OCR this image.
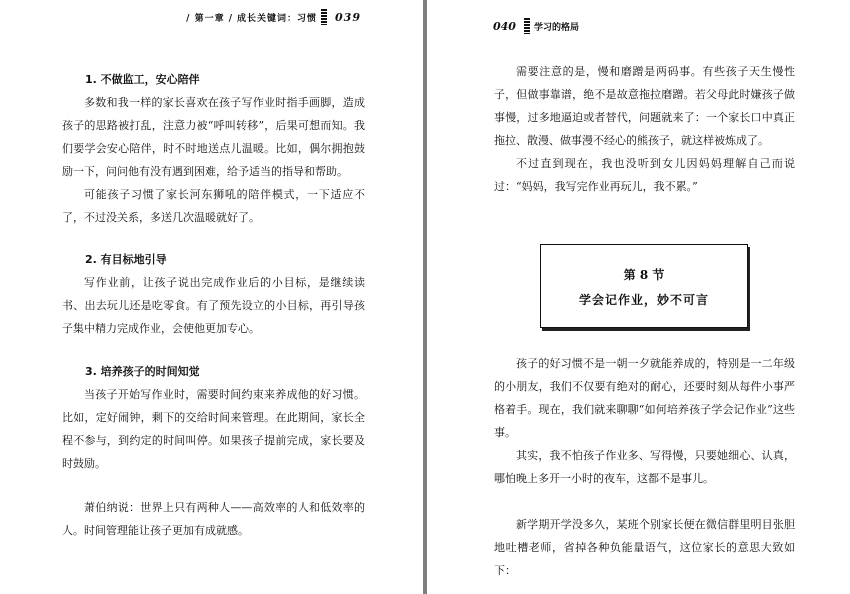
/ 第一章 / 成长关键词：习惯 039
1. 不做监工，安心陪伴
多数和我一样的家长喜欢在孩子写作业时指手画脚，造成孩子的思路被打乱，注意力被“呼叫转移”，后果可想而知。我们要学会安心陪伴，时不时地送点儿温暖。比如，偶尔拥抱鼓励一下，问问他有没有遇到困难，给予适当的指导和帮助。
可能孩子习惯了家长河东狮吼的陪伴模式，一下适应不了，不过没关系，多送几次温暖就好了。
2. 有目标地引导
写作业前，让孩子说出完成作业后的小目标，是继续读书、出去玩儿还是吃零食。有了预先设立的小目标，再引导孩子集中精力完成作业，会使他更加专心。
3. 培养孩子的时间知觉
当孩子开始写作业时，需要时间约束来养成他的好习惯。比如，定好闹钟，剩下的交给时间来管理。在此期间，家长全程不参与，到约定的时间叫停。如果孩子提前完成，家长要及时鼓励。
萧伯纳说：世界上只有两种人——高效率的人和低效率的人。时间管理能让孩子更加有成就感。
040 学习的格局
需要注意的是，慢和磨蹭是两码事。有些孩子天生慢性子，但做事靠谱，绝不是故意拖拉磨蹭。若父母此时嫌孩子做事慢，过多地逼迫或者替代，问题就来了：一个家长口中真正拖拉、散漫、做事漫不经心的熊孩子，就这样被炼成了。
不过直到现在，我也没听到女儿因妈妈理解自己而说过：“妈妈，我写完作业再玩儿，我不累。”
第 8 节
学会记作业，妙不可言
孩子的好习惯不是一朝一夕就能养成的，特别是一二年级的小朋友，我们不仅要有绝对的耐心，还要时刻从每件小事严格着手。现在，我们就来聊聊“如何培养孩子学会记作业”这些事。
其实，我不怕孩子作业多、写得慢，只要她细心、认真，哪怕晚上多开一小时的夜车，这都不是事儿。
新学期开学没多久，某班个别家长便在微信群里明目张胆地吐槽老师，省掉各种负能量语气，这位家长的意思大致如下：
